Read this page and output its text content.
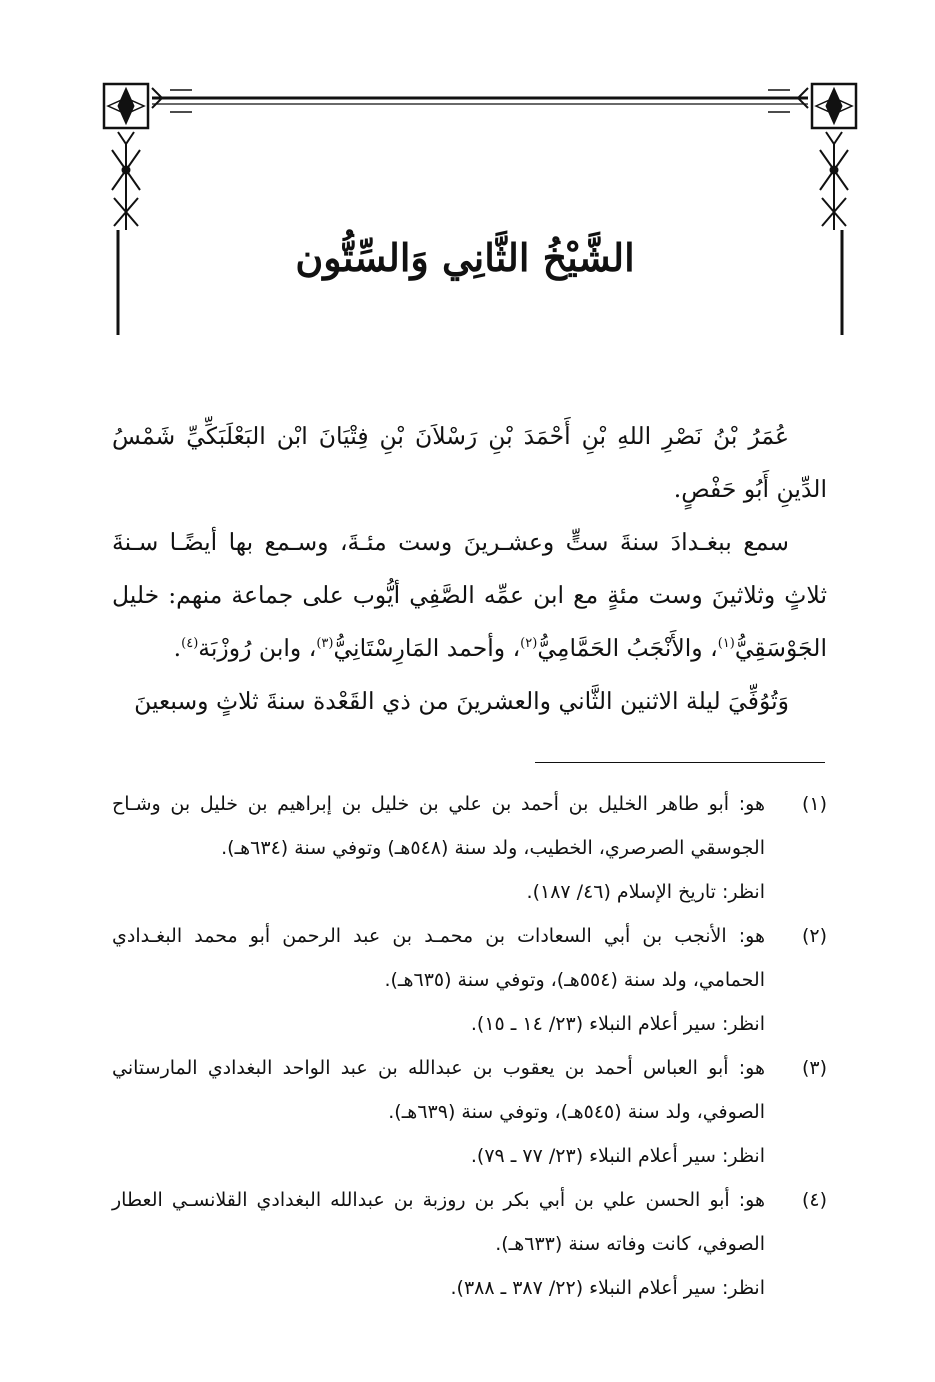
الشَّيْخُ الثَّانِي وَالسِّتُّون

عُمَرُ بْنُ نَصْرِ اللهِ بْنِ أَحْمَدَ بْنِ رَسْلاَنَ بْنِ فِتْيَانَ ابْن البَعْلَبَكِّيِّ شَمْسُ الدِّينِ أَبُو حَفْصٍ.

سمع ببغـدادَ سنةَ ستٍّ وعشـرينَ وست مئـةَ، وسـمع بها أيضًـا سـنةَ ثلاثٍ وثلاثينَ وست مئةٍ مع ابن عمِّه الصَّفِي أيُّوب على جماعة منهم: خليل الجَوْسَقِيُّ$^{(١)}$، والأَنْجَبُ الحَمَّامِيُّ$^{(٢)}$، وأحمد المَارِسْتَانِيُّ$^{(٣)}$، وابن رُوزْبَة$^{(٤)}$.

وَتُوُفِّيَ ليلة الاثنين الثَّاني والعشرينَ من ذي القَعْدة سنةَ ثلاثٍ وسبعينَ

(١)

هو: أبو طاهر الخليل بن أحمد بن علي بن خليل بن إبراهيم بن خليل بن وشـاح الجوسقي الصرصري، الخطيب، ولد سنة (٥٤٨هـ) وتوفي سنة (٦٣٤هـ).

انظر: تاريخ الإسلام (٤٦/ ١٨٧).

(٢)

هو: الأنجب بن أبي السعادات بن محمـد بن عبد الرحمن أبو محمد البغـدادي الحمامي، ولد سنة (٥٥٤هـ)، وتوفي سنة (٦٣٥هـ).

انظر: سير أعلام النبلاء (٢٣/ ١٤ ـ ١٥).

(٣)

هو: أبو العباس أحمد بن يعقوب بن عبدالله بن عبد الواحد البغدادي المارستاني الصوفي، ولد سنة (٥٤٥هـ)، وتوفي سنة (٦٣٩هـ).

انظر: سير أعلام النبلاء (٢٣/ ٧٧ ـ ٧٩).

(٤)

هو: أبو الحسن علي بن أبي بكر بن روزبة بن عبدالله البغدادي القلانسـي العطار الصوفي، كانت وفاته سنة (٦٣٣هـ).

انظر: سير أعلام النبلاء (٢٢/ ٣٨٧ ـ ٣٨٨).
